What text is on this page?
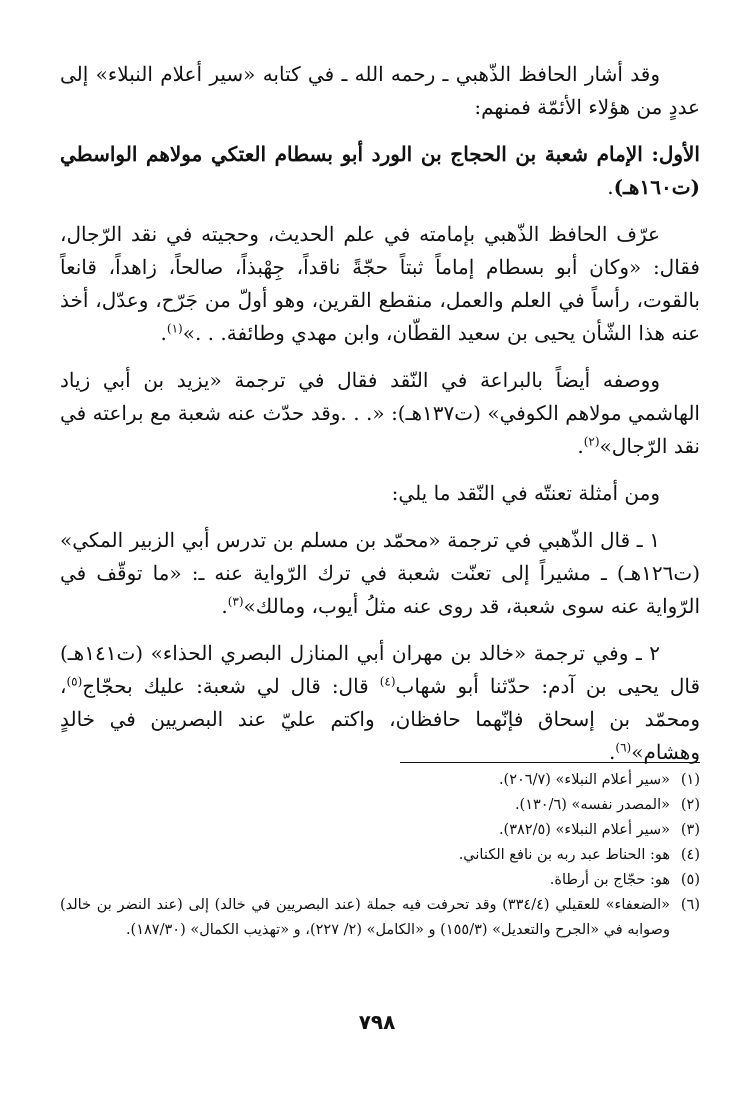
وقد أشار الحافظ الذّهبي ـ رحمه الله ـ في كتابه «سير أعلام النبلاء» إلى عددٍ من هؤلاء الأئمّة فمنهم:

الأول: الإمام شعبة بن الحجاج بن الورد أبو بسطام العتكي مولاهم الواسطي (ت١٦٠هـ).

عرّف الحافظ الذّهبي بإمامته في علم الحديث، وحجيته في نقد الرّجال، فقال: «وكان أبو بسطام إماماً ثبتاً حجّةً ناقداً، جِهْبذاً، صالحاً، زاهداً، قانعاً بالقوت، رأساً في العلم والعمل، منقطع القرين، وهو أولّ من جَرّح، وعدّل، أخذ عنه هذا الشّأن يحيى بن سعيد القطّان، وابن مهدي وطائفة. . .»$^{(١)}$.

ووصفه أيضاً بالبراعة في النّقد فقال في ترجمة «يزيد بن أبي زياد الهاشمي مولاهم الكوفي» (ت١٣٧هـ): «. . .وقد حدّث عنه شعبة مع براعته في نقد الرّجال»$^{(٢)}$.

ومن أمثلة تعنتّه في النّقد ما يلي:

١ ـ قال الذّهبي في ترجمة «محمّد بن مسلم بن تدرس أبي الزبير المكي» (ت١٢٦هـ) ـ مشيراً إلى تعنّت شعبة في ترك الرّواية عنه ـ: «ما توقّف في الرّواية عنه سوى شعبة، قد روى عنه مثلُ أيوب، ومالك»$^{(٣)}$.

٢ ـ وفي ترجمة «خالد بن مهران أبي المنازل البصري الحذاء» (ت١٤١هـ) قال يحيى بن آدم: حدّثنا أبو شهاب$^{(٤)}$ قال: قال لي شعبة: عليك بحجّاج$^{(٥)}$، ومحمّد بن إسحاق فإنّهما حافظان، واكتم عليّ عند البصريين في خالدٍ وهشام»$^{(٦)}$.

(١)
«سير أعلام النبلاء» (٢٠٦/٧).
(٢)
«المصدر نفسه» (١٣٠/٦).
(٣)
«سير أعلام النبلاء» (٣٨٢/٥).
(٤)
هو: الحناط عبد ربه بن نافع الكناني.
(٥)
هو: حجّاج بن أرطاة.
(٦)
«الضعفاء» للعقيلي (٣٣٤/٤) وقد تحرفت فيه جملة (عند البصريين في خالد) إلى (عند النضر بن خالد) وصوابه في «الجرح والتعديل» (١٥٥/٣) و «الكامل» (٢/ ٢٢٧)، و «تهذيب الكمال» (١٨٧/٣٠).
٧٩٨
